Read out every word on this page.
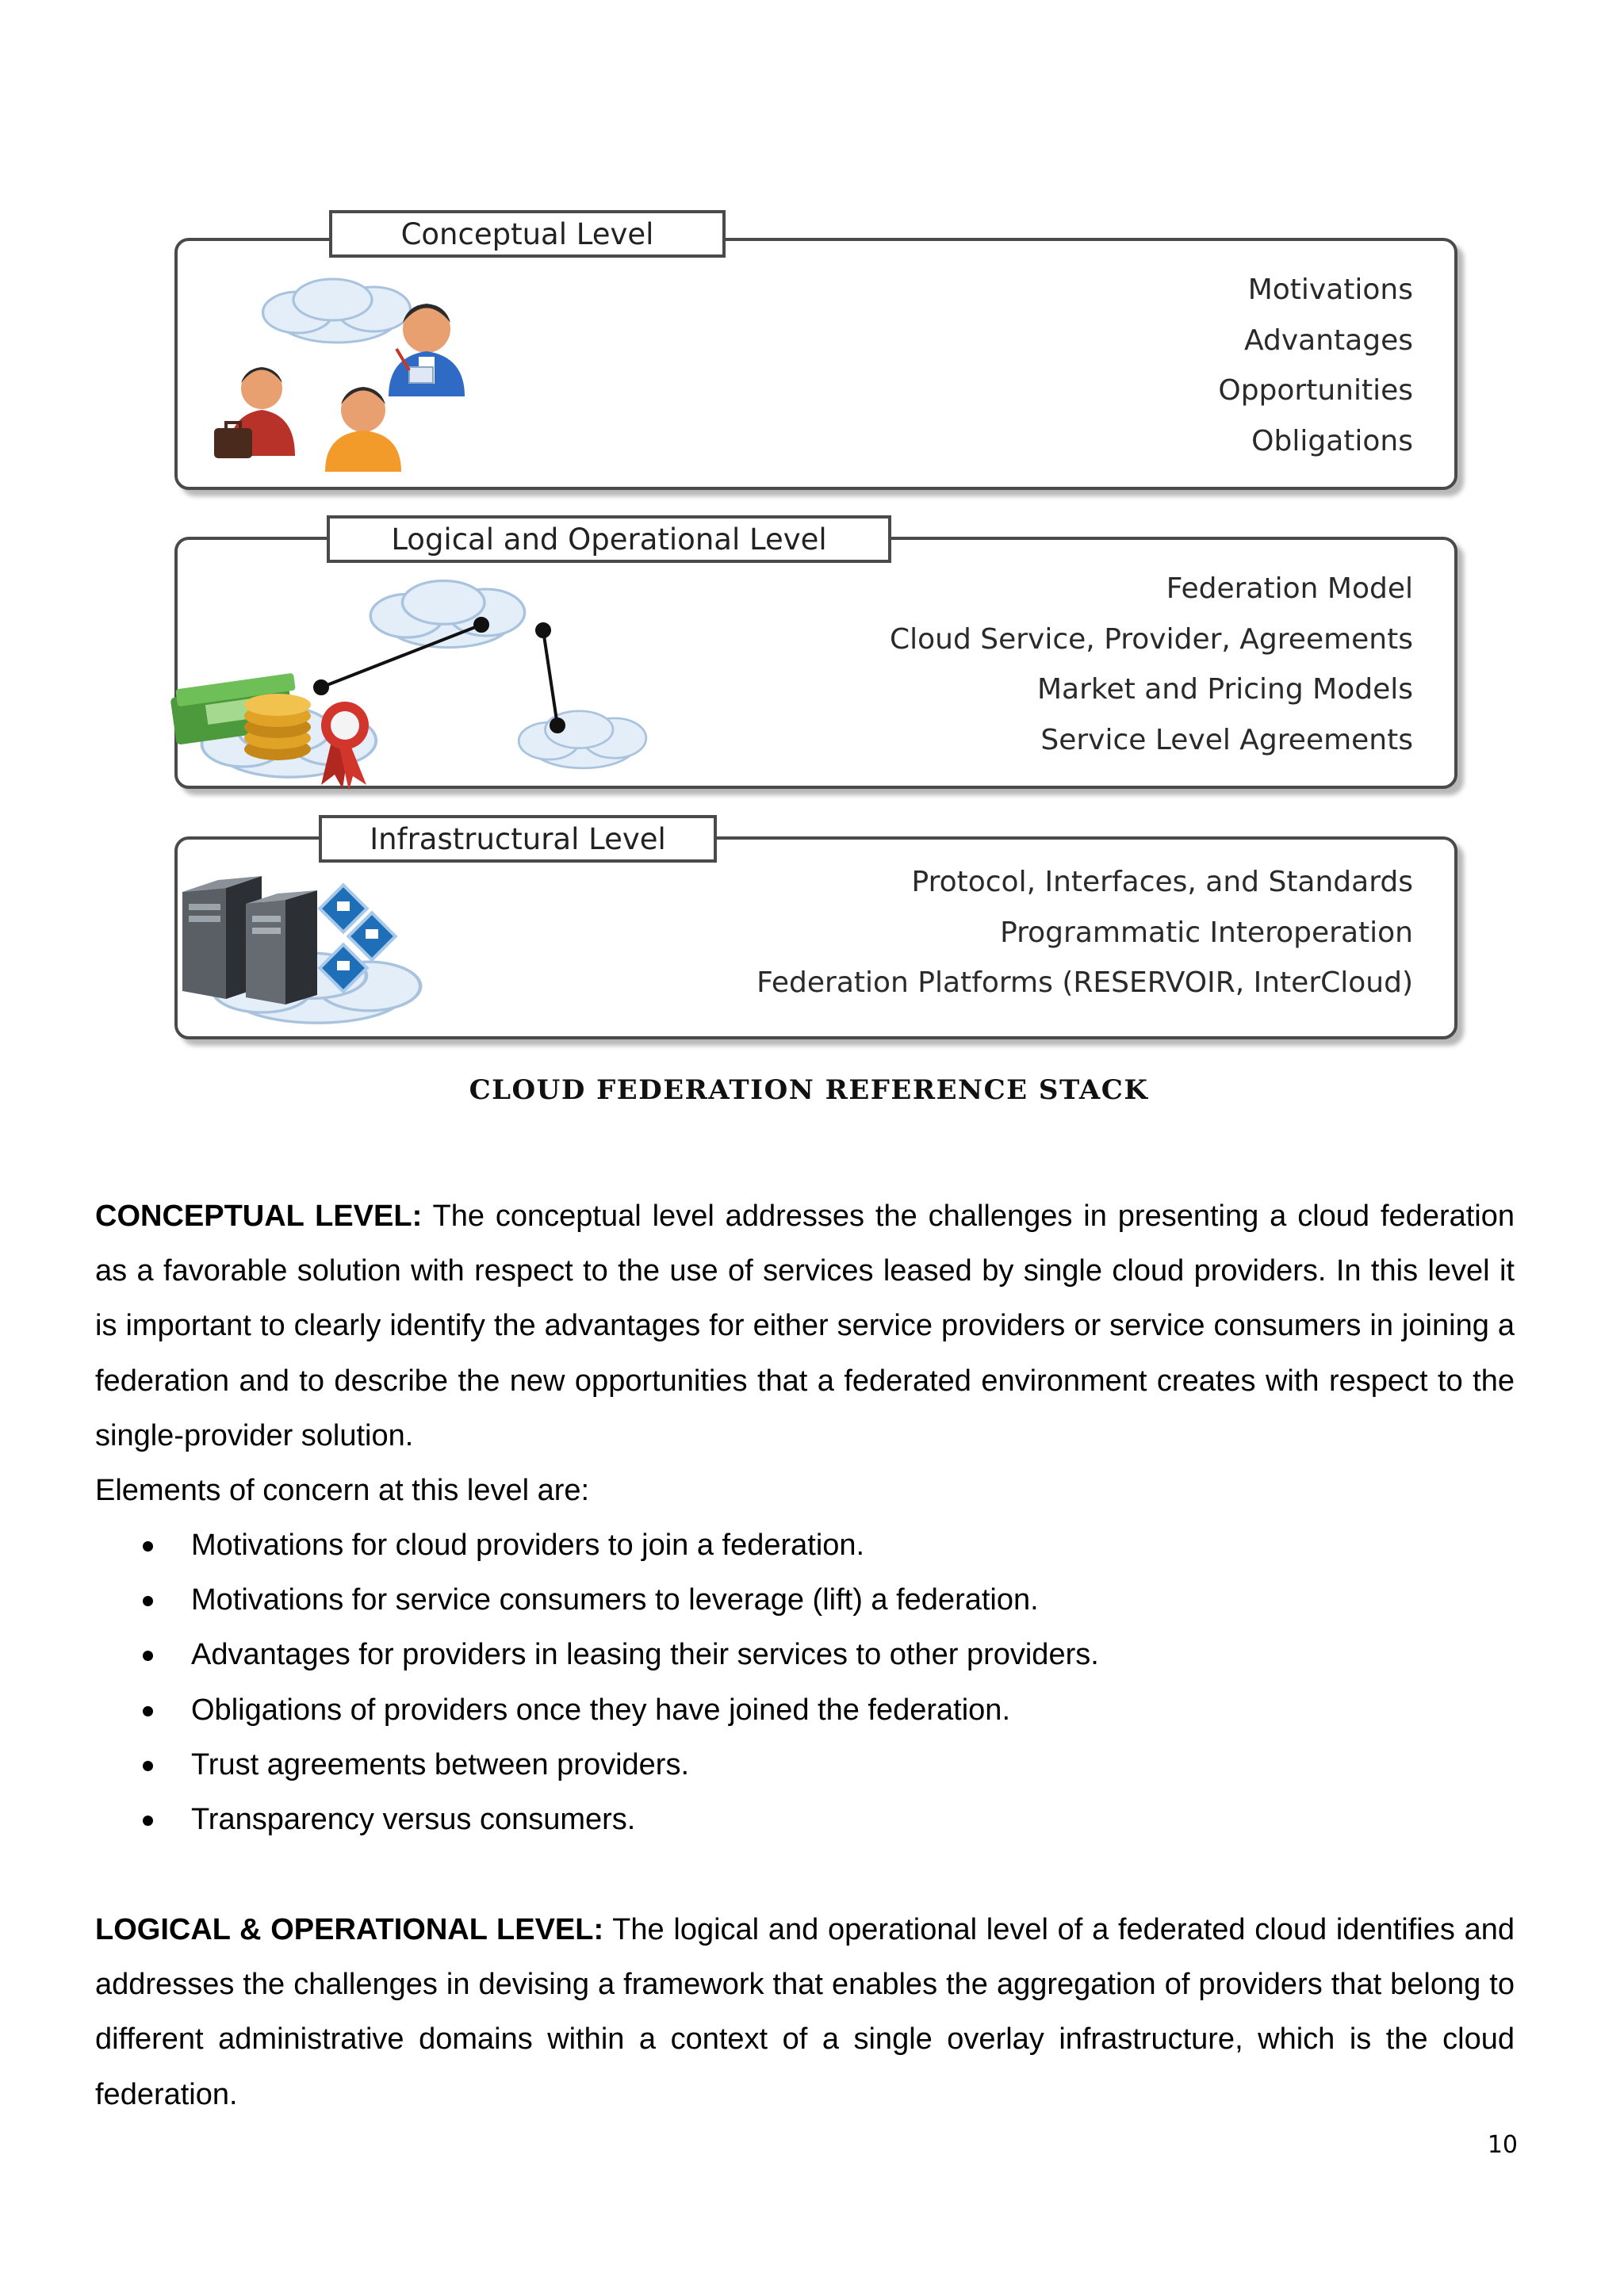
Motivations
Advantages
Opportunities
Obligations
Conceptual Level
Federation Model
Cloud Service, Provider, Agreements
Market and Pricing Models
Service Level Agreements
Logical and Operational Level
Protocol, Interfaces, and Standards
Programmatic Interoperation
Federation Platforms (RESERVOIR, InterCloud)
Infrastructural Level
CLOUD FEDERATION REFERENCE STACK

CONCEPTUAL LEVEL: The conceptual level addresses the challenges in presenting a cloud federation as a favorable solution with respect to the use of services leased by single cloud providers. In this level it is important to clearly identify the advantages for either service providers or service consumers in joining a federation and to describe the new opportunities that a federated environment creates with respect to the single-provider solution.

Elements of concern at this level are:

Motivations for cloud providers to join a federation.
Motivations for service consumers to leverage (lift) a federation.
Advantages for providers in leasing their services to other providers.
Obligations of providers once they have joined the federation.
Trust agreements between providers.
Transparency versus consumers.

LOGICAL & OPERATIONAL LEVEL: The logical and operational level of a federated cloud identifies and addresses the challenges in devising a framework that enables the aggregation of providers that belong to different administrative domains within a context of a single overlay infrastructure, which is the cloud federation.

10
